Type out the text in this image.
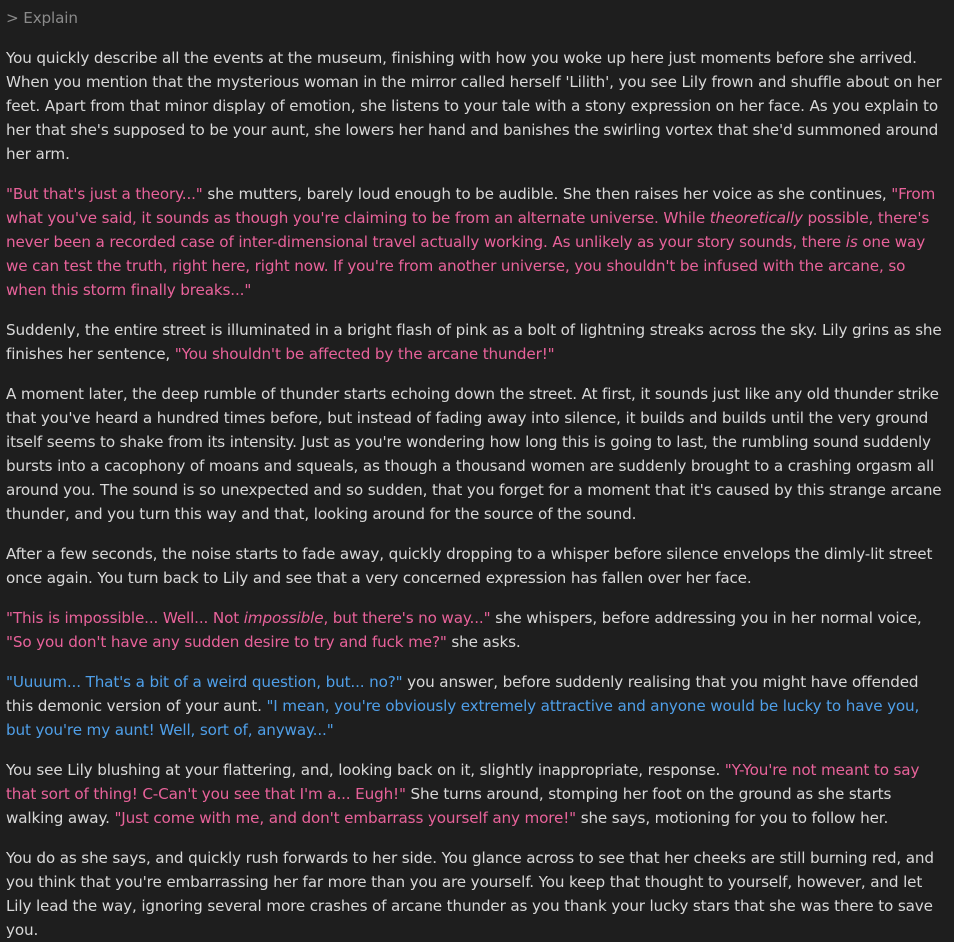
> Explain

You quickly describe all the events at the museum, finishing with how you woke up here just moments before she arrived. When you mention that the mysterious woman in the mirror called herself 'Lilith', you see Lily frown and shuffle about on her feet. Apart from that minor display of emotion, she listens to your tale with a stony expression on her face. As you explain to her that she's supposed to be your aunt, she lowers her hand and banishes the swirling vortex that she'd summoned around her arm.

"But that's just a theory..." she mutters, barely loud enough to be audible. She then raises her voice as she continues, "From what you've said, it sounds as though you're claiming to be from an alternate universe. While theoretically possible, there's never been a recorded case of inter-dimensional travel actually working. As unlikely as your story sounds, there is one way we can test the truth, right here, right now. If you're from another universe, you shouldn't be infused with the arcane, so when this storm finally breaks..."

Suddenly, the entire street is illuminated in a bright flash of pink as a bolt of lightning streaks across the sky. Lily grins as she finishes her sentence, "You shouldn't be affected by the arcane thunder!"

A moment later, the deep rumble of thunder starts echoing down the street. At first, it sounds just like any old thunder strike that you've heard a hundred times before, but instead of fading away into silence, it builds and builds until the very ground itself seems to shake from its intensity. Just as you're wondering how long this is going to last, the rumbling sound suddenly bursts into a cacophony of moans and squeals, as though a thousand women are suddenly brought to a crashing orgasm all around you. The sound is so unexpected and so sudden, that you forget for a moment that it's caused by this strange arcane thunder, and you turn this way and that, looking around for the source of the sound.

After a few seconds, the noise starts to fade away, quickly dropping to a whisper before silence envelops the dimly-lit street once again. You turn back to Lily and see that a very concerned expression has fallen over her face.

"This is impossible... Well... Not impossible, but there's no way..." she whispers, before addressing you in her normal voice, "So you don't have any sudden desire to try and fuck me?" she asks.

"Uuuum... That's a bit of a weird question, but... no?" you answer, before suddenly realising that you might have offended this demonic version of your aunt. "I mean, you're obviously extremely attractive and anyone would be lucky to have you, but you're my aunt! Well, sort of, anyway..."

You see Lily blushing at your flattering, and, looking back on it, slightly inappropriate, response. "Y-You're not meant to say that sort of thing! C-Can't you see that I'm a... Eugh!" She turns around, stomping her foot on the ground as she starts walking away. "Just come with me, and don't embarrass yourself any more!" she says, motioning for you to follow her.

You do as she says, and quickly rush forwards to her side. You glance across to see that her cheeks are still burning red, and you think that you're embarrassing her far more than you are yourself. You keep that thought to yourself, however, and let Lily lead the way, ignoring several more crashes of arcane thunder as you thank your lucky stars that she was there to save you.
